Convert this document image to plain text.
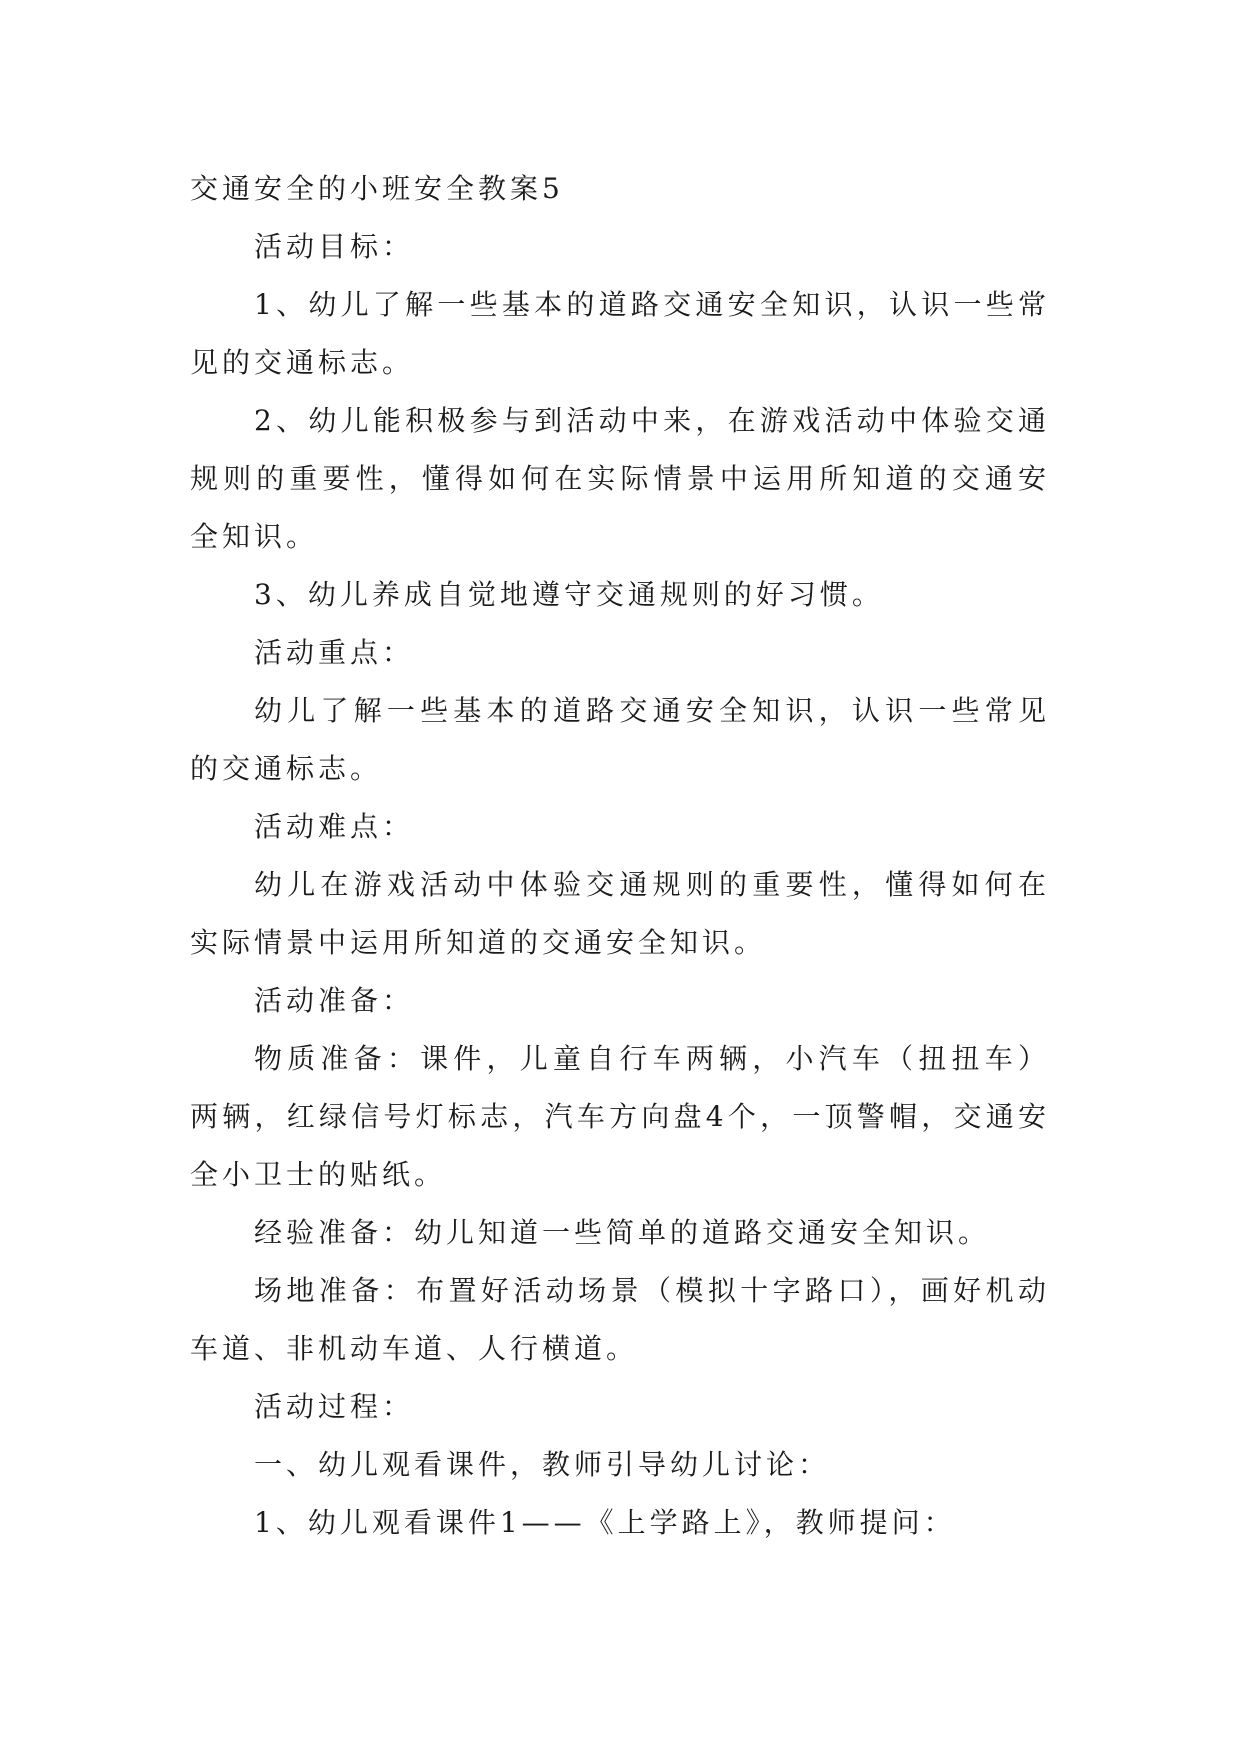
交通安全的小班安全教案5

活动目标：

1、幼儿了解一些基本的道路交通安全知识，认识一些常见的交通标志。

2、幼儿能积极参与到活动中来，在游戏活动中体验交通规则的重要性，懂得如何在实际情景中运用所知道的交通安全知识。

3、幼儿养成自觉地遵守交通规则的好习惯。

活动重点：

幼儿了解一些基本的道路交通安全知识，认识一些常见的交通标志。

活动难点：

幼儿在游戏活动中体验交通规则的重要性，懂得如何在实际情景中运用所知道的交通安全知识。

活动准备：

物质准备：课件，儿童自行车两辆，小汽车（扭扭车）两辆，红绿信号灯标志，汽车方向盘4个，一顶警帽，交通安全小卫士的贴纸。

经验准备：幼儿知道一些简单的道路交通安全知识。

场地准备：布置好活动场景（模拟十字路口），画好机动车道、非机动车道、人行横道。

活动过程：

一、幼儿观看课件，教师引导幼儿讨论：

1、幼儿观看课件1——《上学路上》，教师提问：
